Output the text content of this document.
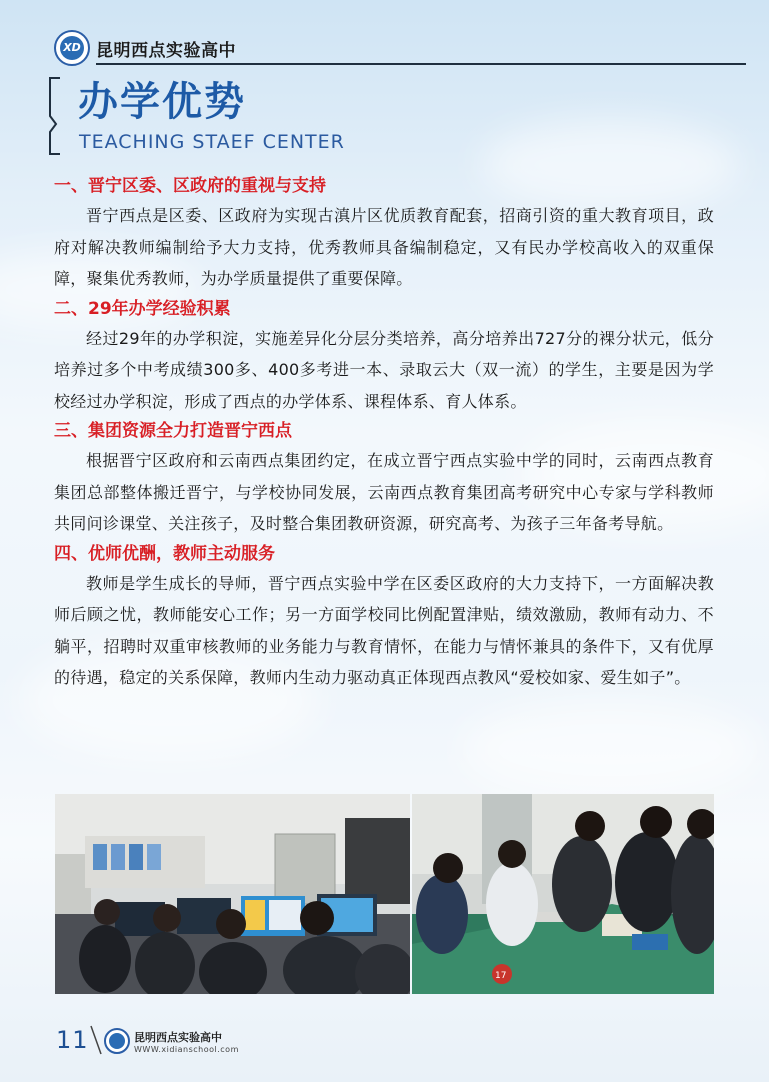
XD 昆明西点实验高中
办学优势
TEACHING STAEF CENTER

一、晋宁区委、区政府的重视与支持

晋宁西点是区委、区政府为实现古滇片区优质教育配套，招商引资的重大教育项目，政府对解决教师编制给予大力支持，优秀教师具备编制稳定，又有民办学校高收入的双重保障，聚集优秀教师，为办学质量提供了重要保障。

二、29年办学经验积累

经过29年的办学积淀，实施差异化分层分类培养，高分培养出727分的裸分状元，低分培养过多个中考成绩300多、400多考进一本、录取云大（双一流）的学生，主要是因为学校经过办学积淀，形成了西点的办学体系、课程体系、育人体系。

三、集团资源全力打造晋宁西点

根据晋宁区政府和云南西点集团约定，在成立晋宁西点实验中学的同时，云南西点教育集团总部整体搬迁晋宁，与学校协同发展，云南西点教育集团高考研究中心专家与学科教师共同问诊课堂、关注孩子，及时整合集团教研资源，研究高考、为孩子三年备考导航。

四、优师优酬，教师主动服务

教师是学生成长的导师，晋宁西点实验中学在区委区政府的大力支持下，一方面解决教师后顾之忧，教师能安心工作；另一方面学校同比例配置津贴，绩效激励，教师有动力、不躺平，招聘时双重审核教师的业务能力与教育情怀，在能力与情怀兼具的条件下，又有优厚的待遇，稳定的关系保障，教师内生动力驱动真正体现西点教风“爱校如家、爱生如子”。

17
11	昆明西点实验高中
WWW.xidianschool.com
